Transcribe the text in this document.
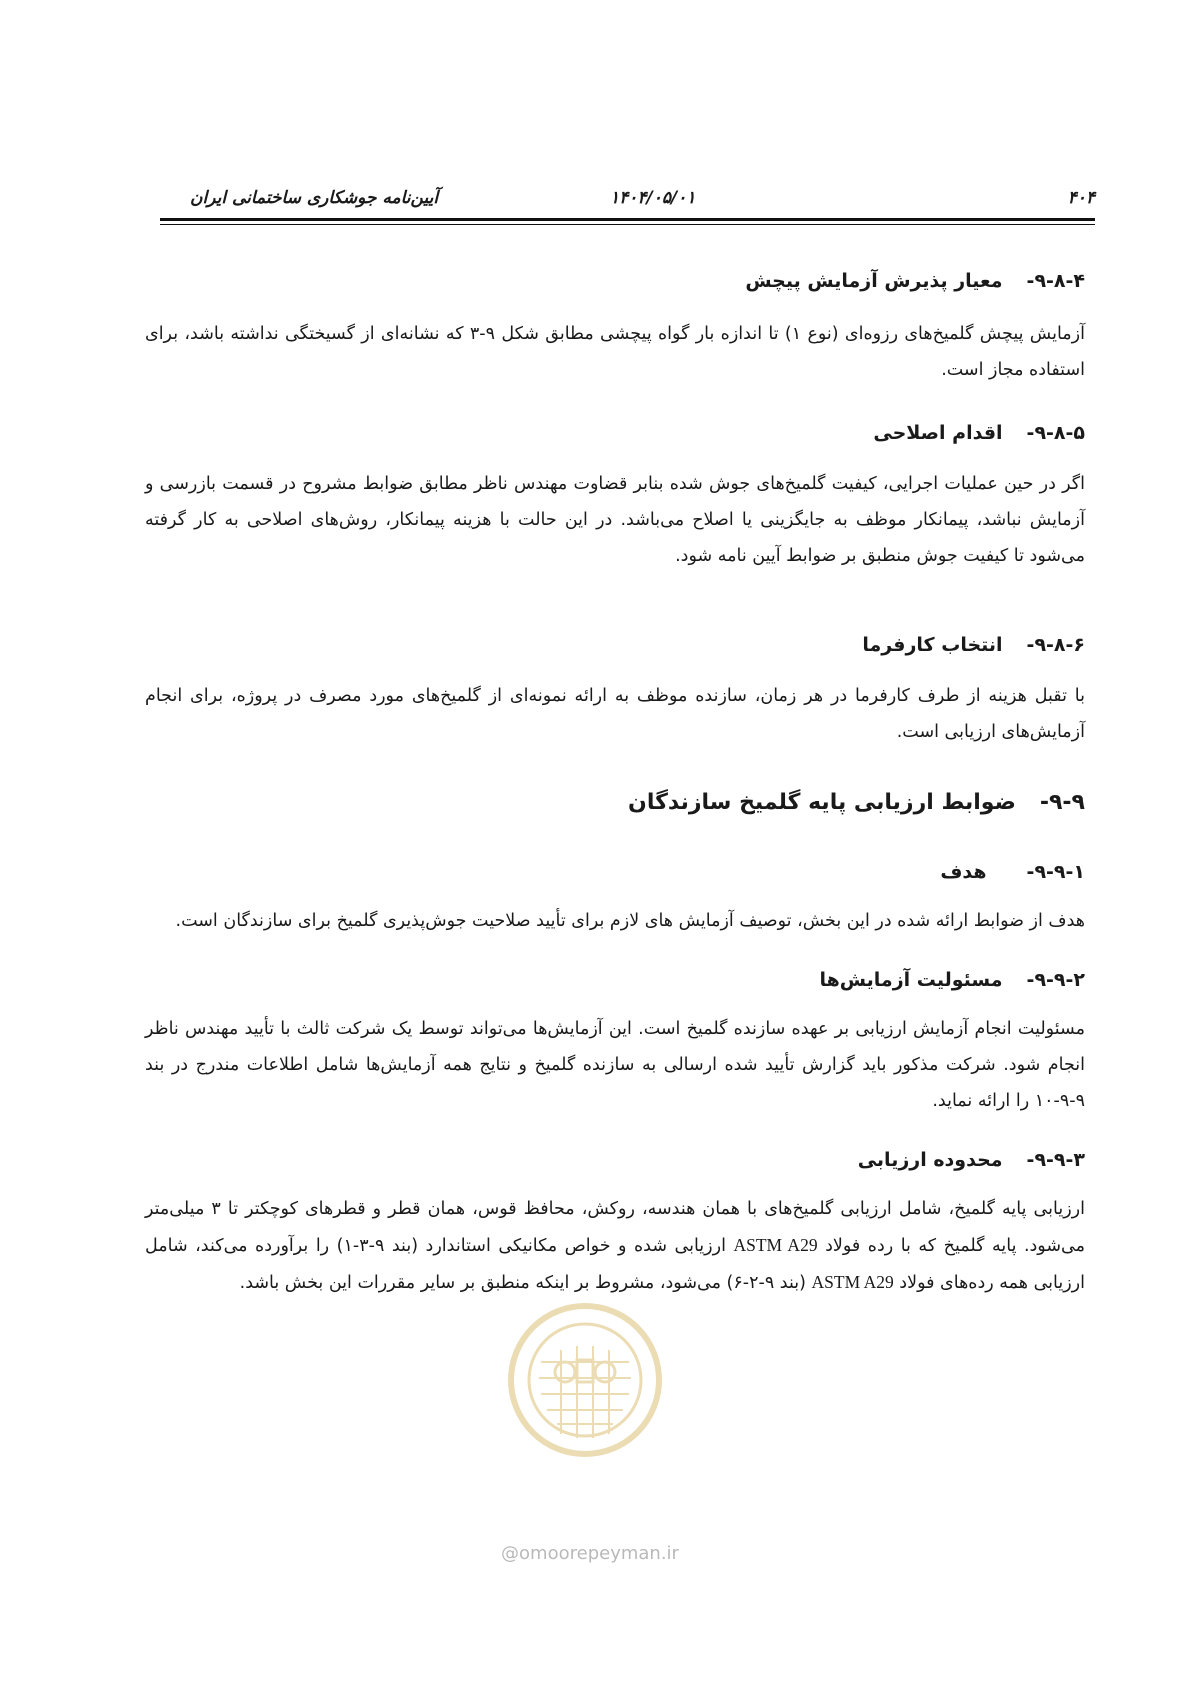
۴۰۴
۱۴۰۴/۰۵/۰۱
آیین‌نامه جوشکاری ساختمانی ایران
۹-۸-۴-معیار پذیرش آزمایش پیچش

آزمایش پیچش گلمیخ‌های رزوه‌ای (نوع ۱) تا اندازه بار گواه پیچشی مطابق شکل ۹-۳ که نشانه‌ای از گسیختگی نداشته باشد، برای استفاده مجاز است.

۹-۸-۵-اقدام اصلاحی

اگر در حین عملیات اجرایی، کیفیت گلمیخ‌های جوش شده بنابر قضاوت مهندس ناظر مطابق ضوابط مشروح در قسمت بازرسی و آزمایش نباشد، پیمانکار موظف به جایگزینی یا اصلاح می‌باشد. در این حالت با هزینه پیمانکار، روش‌های اصلاحی به کار گرفته می‌شود تا کیفیت جوش منطبق بر ضوابط آیین نامه شود.

۹-۸-۶-انتخاب کارفرما

با تقبل هزینه از طرف کارفرما در هر زمان، سازنده موظف به ارائه نمونه‌ای از گلمیخ‌های مورد مصرف در پروژه، برای انجام آزمایش‌های ارزیابی است.

۹-۹-ضوابط ارزیابی پایه گلمیخ سازندگان
۹-۹-۱-هدف

هدف از ضوابط ارائه شده در این بخش، توصیف آزمایش های لازم برای تأیید صلاحیت جوش‌پذیری گلمیخ برای سازندگان است.

۹-۹-۲-مسئولیت آزمایش‌ها

مسئولیت انجام آزمایش ارزیابی بر عهده سازنده گلمیخ است. این آزمایش‌ها می‌تواند توسط یک شرکت ثالث با تأیید مهندس ناظر انجام شود. شرکت مذکور باید گزارش تأیید شده ارسالی به سازنده گلمیخ و نتایج همه آزمایش‌ها شامل اطلاعات مندرج در بند ۹-۹-۱۰ را ارائه نماید.

۹-۹-۳-محدوده ارزیابی

ارزیابی پایه گلمیخ، شامل ارزیابی گلمیخ‌های با همان هندسه، روکش، محافظ قوس، همان قطر و قطرهای کوچکتر تا ۳ میلی‌متر می‌شود. پایه گلمیخ که با رده فولاد ASTM A29 ارزیابی شده و خواص مکانیکی استاندارد (بند ۹-۳-۱) را برآورده می‌کند، شامل ارزیابی همه رده‌های فولاد ASTM A29 (بند ۹-۲-۶) می‌شود، مشروط بر اینکه منطبق بر سایر مقررات این بخش باشد.

@omoorepeyman.ir
